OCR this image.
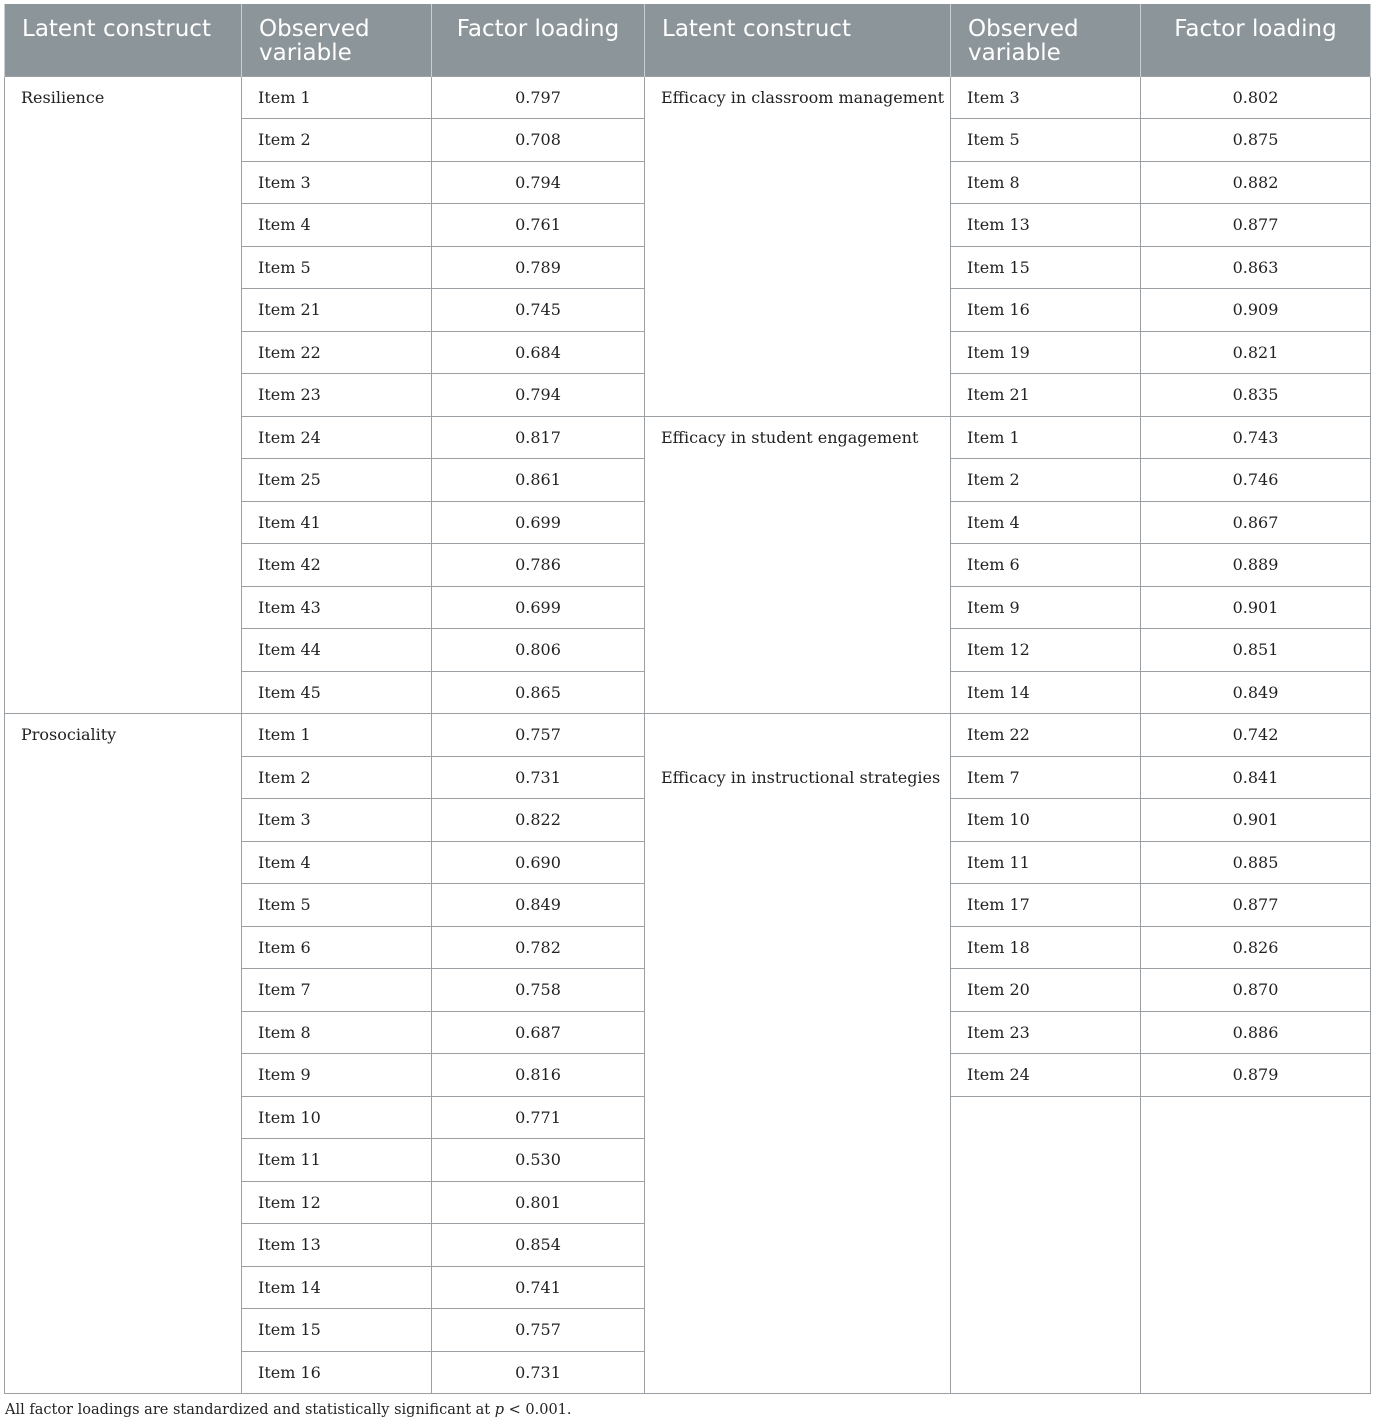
Latent construct	Observed variable	Factor loading	Latent construct	Observed variable	Factor loading

Resilience	Item 1	0.797	Efficacy in classroom management	Item 3	0.802
	Item 2	0.708		Item 5	0.875
	Item 3	0.794		Item 8	0.882
	Item 4	0.761		Item 13	0.877
	Item 5	0.789		Item 15	0.863
	Item 21	0.745		Item 16	0.909
	Item 22	0.684		Item 19	0.821
	Item 23	0.794		Item 21	0.835
	Item 24	0.817	Efficacy in student engagement	Item 1	0.743
	Item 25	0.861		Item 2	0.746
	Item 41	0.699		Item 4	0.867
	Item 42	0.786		Item 6	0.889
	Item 43	0.699		Item 9	0.901
	Item 44	0.806		Item 12	0.851
	Item 45	0.865		Item 14	0.849
Prosociality	Item 1	0.757	Efficacy in instructional strategies	Item 22	0.742
	Item 2	0.731		Item 7	0.841
	Item 3	0.822		Item 10	0.901
	Item 4	0.690		Item 11	0.885
	Item 5	0.849		Item 17	0.877
	Item 6	0.782		Item 18	0.826
	Item 7	0.758		Item 20	0.870
	Item 8	0.687		Item 23	0.886
	Item 9	0.816		Item 24	0.879
	Item 10	0.771			
	Item 11	0.530			
	Item 12	0.801			
	Item 13	0.854			
	Item 14	0.741			
	Item 15	0.757			
	Item 16	0.731			
All factor loadings are standardized and statistically significant at p < 0.001.
